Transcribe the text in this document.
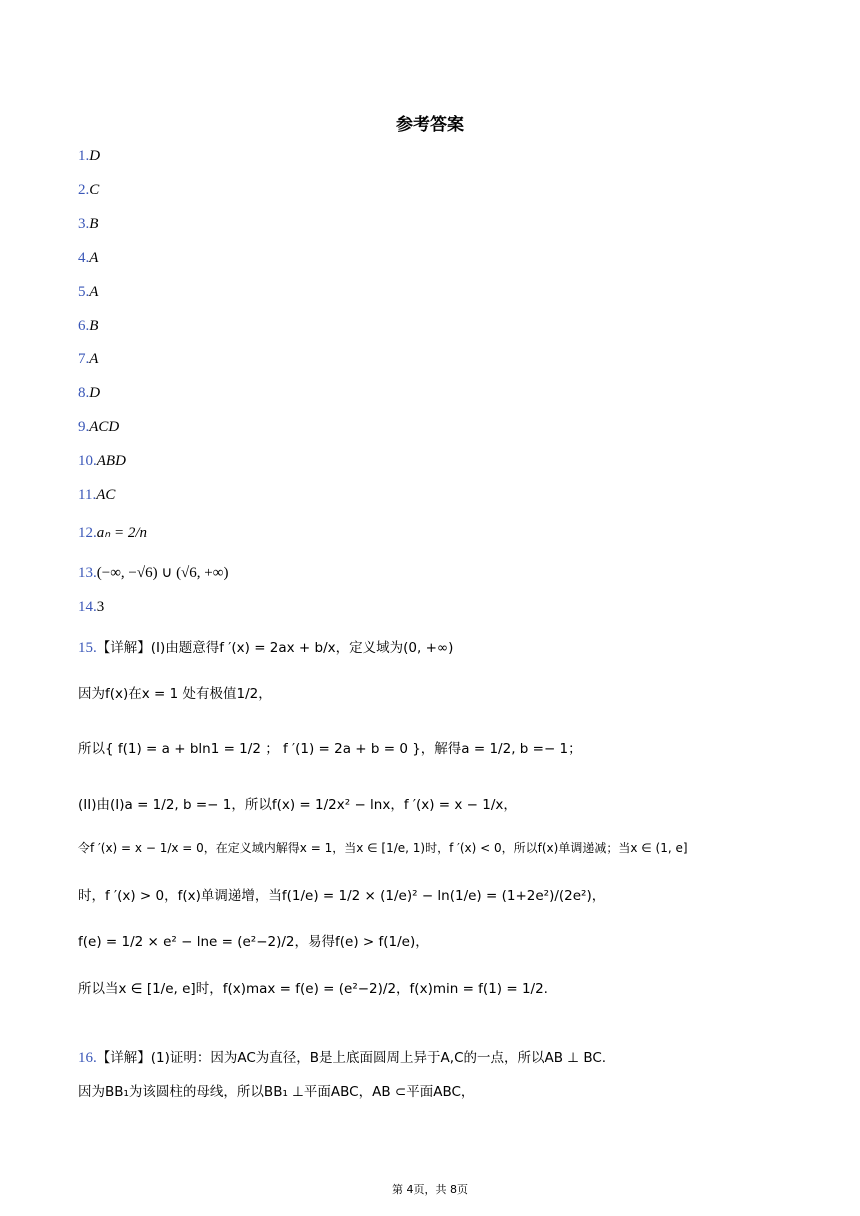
参考答案
1.D
2.C
3.B
4.A
5.A
6.B
7.A
8.D
9.ACD
10.ABD
11.AC
12.aₙ = 2/n
13.(−∞, −√6) ∪ (√6, +∞)
14.3
15.【详解】(I)由题意得f ′(x) = 2ax + b/x，定义域为(0, +∞)
因为f(x)在x = 1 处有极值1/2，
所以{ f(1) = a + bln1 = 1/2 ； f ′(1) = 2a + b = 0 }，解得a = 1/2, b =− 1；
(II)由(I)a = 1/2, b =− 1，所以f(x) = 1/2x² − lnx，f ′(x) = x − 1/x，
令f ′(x) = x − 1/x = 0，在定义域内解得x = 1，当x ∈ [1/e, 1)时，f ′(x) < 0，所以f(x)单调递减；当x ∈ (1, e]
时，f ′(x) > 0，f(x)单调递增，当f(1/e) = 1/2 × (1/e)² − ln(1/e) = (1+2e²)/(2e²)，
f(e) = 1/2 × e² − lne = (e²−2)/2，易得f(e) > f(1/e)，
所以当x ∈ [1/e, e]时，f(x)max = f(e) = (e²−2)/2，f(x)min = f(1) = 1/2.
16.【详解】(1)证明：因为AC为直径，B是上底面圆周上异于A,C的一点，所以AB ⊥ BC.
因为BB₁为该圆柱的母线，所以BB₁ ⊥平面ABC，AB ⊂平面ABC，
第 4页，共 8页
